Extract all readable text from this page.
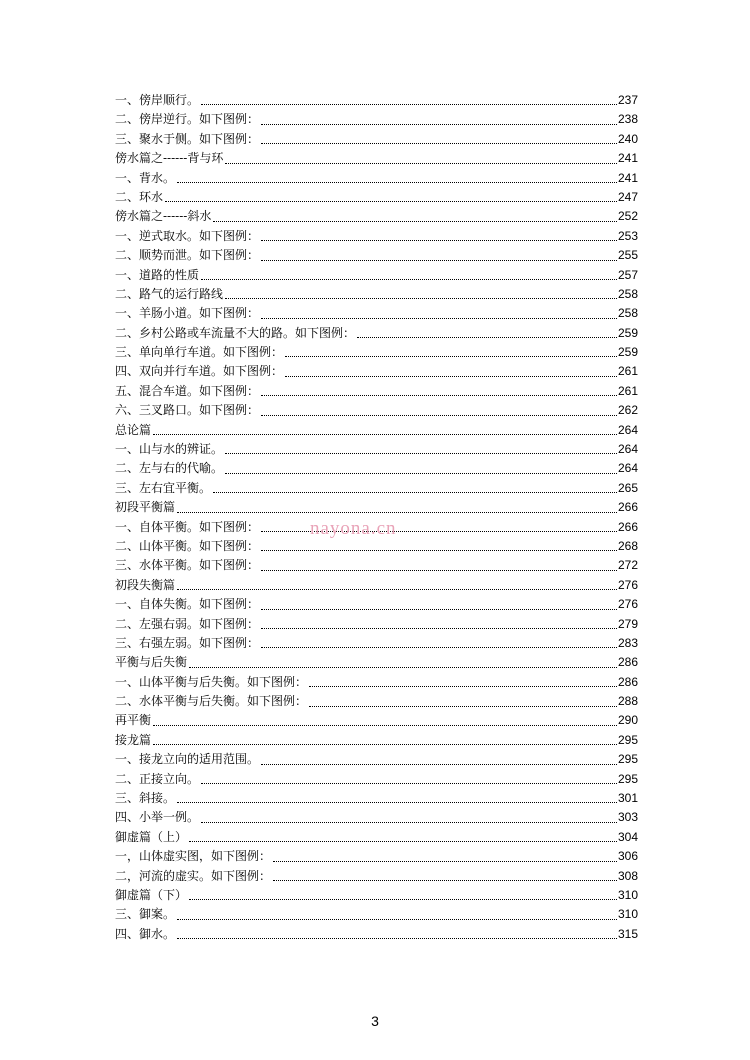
一、傍岸顺行。	237
二、傍岸逆行。如下图例：	238
三、聚水于侧。如下图例：	240
傍水篇之------背与环	241
一、背水。	241
二、环水	247
傍水篇之------斜水	252
一、逆式取水。如下图例：	253
二、顺势而泄。如下图例：	255
一、道路的性质	257
二、路气的运行路线	258
一、羊肠小道。如下图例：	258
二、乡村公路或车流量不大的路。如下图例：	259
三、单向单行车道。如下图例：	259
四、双向并行车道。如下图例：	261
五、混合车道。如下图例：	261
六、三叉路口。如下图例：	262
总论篇	264
一、山与水的辨证。	264
二、左与右的代喻。	264
三、左右宜平衡。	265
初段平衡篇	266
一、自体平衡。如下图例：	266
二、山体平衡。如下图例：	268
三、水体平衡。如下图例：	272
初段失衡篇	276
一、自体失衡。如下图例：	276
二、左强右弱。如下图例：	279
三、右强左弱。如下图例：	283
平衡与后失衡	286
一、山体平衡与后失衡。如下图例：	286
二、水体平衡与后失衡。如下图例：	288
再平衡	290
接龙篇	295
一、接龙立向的适用范围。	295
二、正接立向。	295
三、斜接。	301
四、小举一例。	303
御虚篇（上）	304
一，山体虚实图，如下图例：	306
二，河流的虚实。如下图例：	308
御虚篇（下）	310
三、御案。	310
四、御水。	315
nayona.cn
3
